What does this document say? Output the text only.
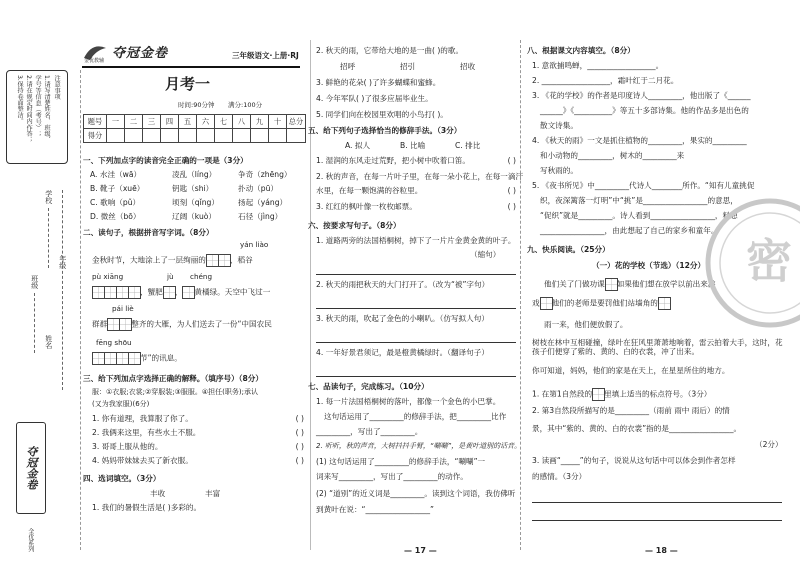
注意事项
1.请写清楚姓名、班级、
学号等信息（考号）；
2.请在规定时间内作答；
3.保持卷面整洁。
学校
班级
姓名
年级
夺冠金卷
全优系列
金优教辅 夺冠金卷	三年级语文·上册·RJ
月考一
时间:90分钟 满分:100分
题号	一	二	三	四	五	六	七	八	九	十	总分
得分											
一、下列加点字的读音完全正确的一项是（3分）
A. 水洼（wā）	凌乱（líng）	争奇（zhēng）
B. 靴子（xuē）	钥匙（shi）	扑动（pū）
C. 歌响（pǔ）	顷刻（qǐng）	扬起（yáng）
D. 微丝（bō）	辽阔（kuò）	石径（jìng）
二、读句子，根据拼音写字词。（8分）
yán liào
金秋时节，大地涂上了一层绚丽的	，稻谷
pù xiāng	jù chéng
，蟹肥 ， 黄橘绿。天空中飞过一
pái liè
群群	整齐的大雁，为人们送去了一份“中国农民
fēng shōu
节”的讯息。
三、给下列加点字选择正确的解释。（填序号）（8分）
服：①衣服;衣裳;②穿服装;③服服。④担任(职务);承认
(又为我家服)(6分)
1. 你有道理，我算服了你了。	( )
2. 我俩来这里，有些水土不服。	( )
3. 哥哥上服从他的。	( )
4. 妈妈带妹妹去买了新衣服。	( )
四、选词填空。（3分）
丰收	丰富
1. 我们的暑假生活是( )多彩的。
— 17 —
2. 秋天的雨，它带给大地的是一曲( )的歌。
招呼	招引	招收
3. 鲜艳的花朵( )了许多蝴蝶和蜜蜂。
4. 今年军队( )了很多应届毕业生。
5. 同学们向在校园里欢唱的小鸟打( )。
五、给下列句子选择恰当的修辞手法。（3分）
A. 拟人	B. 比喻	C. 排比
1. 湿润的东风走过荒野，把小树中吹着口笛。	( )
2. 秋的声音，在每一片叶子里，在每一朵小花上，在每一滴汗
水里，在每一颗饱满的谷粒里。	( )
3. 红红的枫叶像一枚枚邮票。	( )
六、按要求写句子。（8分）
1. 道路两旁的法国梧桐树，掉下了一片片金黄金黄的叶子。
（缩句）
2. 秋天的雨把秋天的大门打开了。（改为“被”字句）
3. 秋天的雨，吹起了金色的小喇叭。（仿写拟人句）
4. 一年好景君须记，最是橙黄橘绿时。（翻译句子）
七、品读句子，完成练习。（10分）
1. 每一片法国梧桐树的落叶，都像一个金色的小巴掌。
这句话运用了_________的修辞手法，把_________比作
_________，写出了_________。
2. 听听，秋的声音，大树抖抖手臂，“唰唰”，是黄叶道别的话音。
(1) 这句话运用了_________的修辞手法，“唰唰”一
词来写_________，写出了_________的动作。
(2) “道别”的近义词是_________。读到这个词语，我仿佛听
到黄叶在说：“_________________”
八、根据课文内容填空。（8分）
1. 意欲捕鸣蝉，__________________。
2. __________________，霜叶红于二月花。
3. 《花的学校》的作者是印度诗人_________，他出版了《______
______》《__________》等五十多部诗集。他的作品多是出色的
散文诗集。
4. 《秋天的雨》一文是抓住植物的_________，果实的_________
和小动物的_________，树木的_________来
写秋雨的。
5. 《夜书所见》中_________代诗人________所作。“知有儿童挑促
织，夜深篱落一灯明”中“挑”是_________________的意思，
“促织”就是_________。诗人看到_________________，料想
_________________，由此想起了自己的家乡和童年。
九、快乐阅读。（25分）
（一）花的学校（节选）（12分）
他们关了门做功课 如果他们想在放学以前出来游
戏 他们的老师是要罚他们站墙角的
雨一来，他们便放假了。
树枝在林中互相碰撞，绿叶在狂风里萧萧地响着，雷云拍着大手，这时，花孩子们便穿了紫的、黄的、白的衣裳，冲了出来。
你可知道，妈妈，他们的家是在天上，在星星所住的地方。
1. 在第1自然段的 里填上适当的标点符号。（3分）
2. 第3自然段所描写的是_________（雨前 雨中 雨后）的情
景，其中“紫的、黄的、白的衣裳”指的是_________________。
（2分）
3. 读画“_____”的句子，说说从这句话中可以体会到作者怎样
的感情。（3分）
— 18 —
密
